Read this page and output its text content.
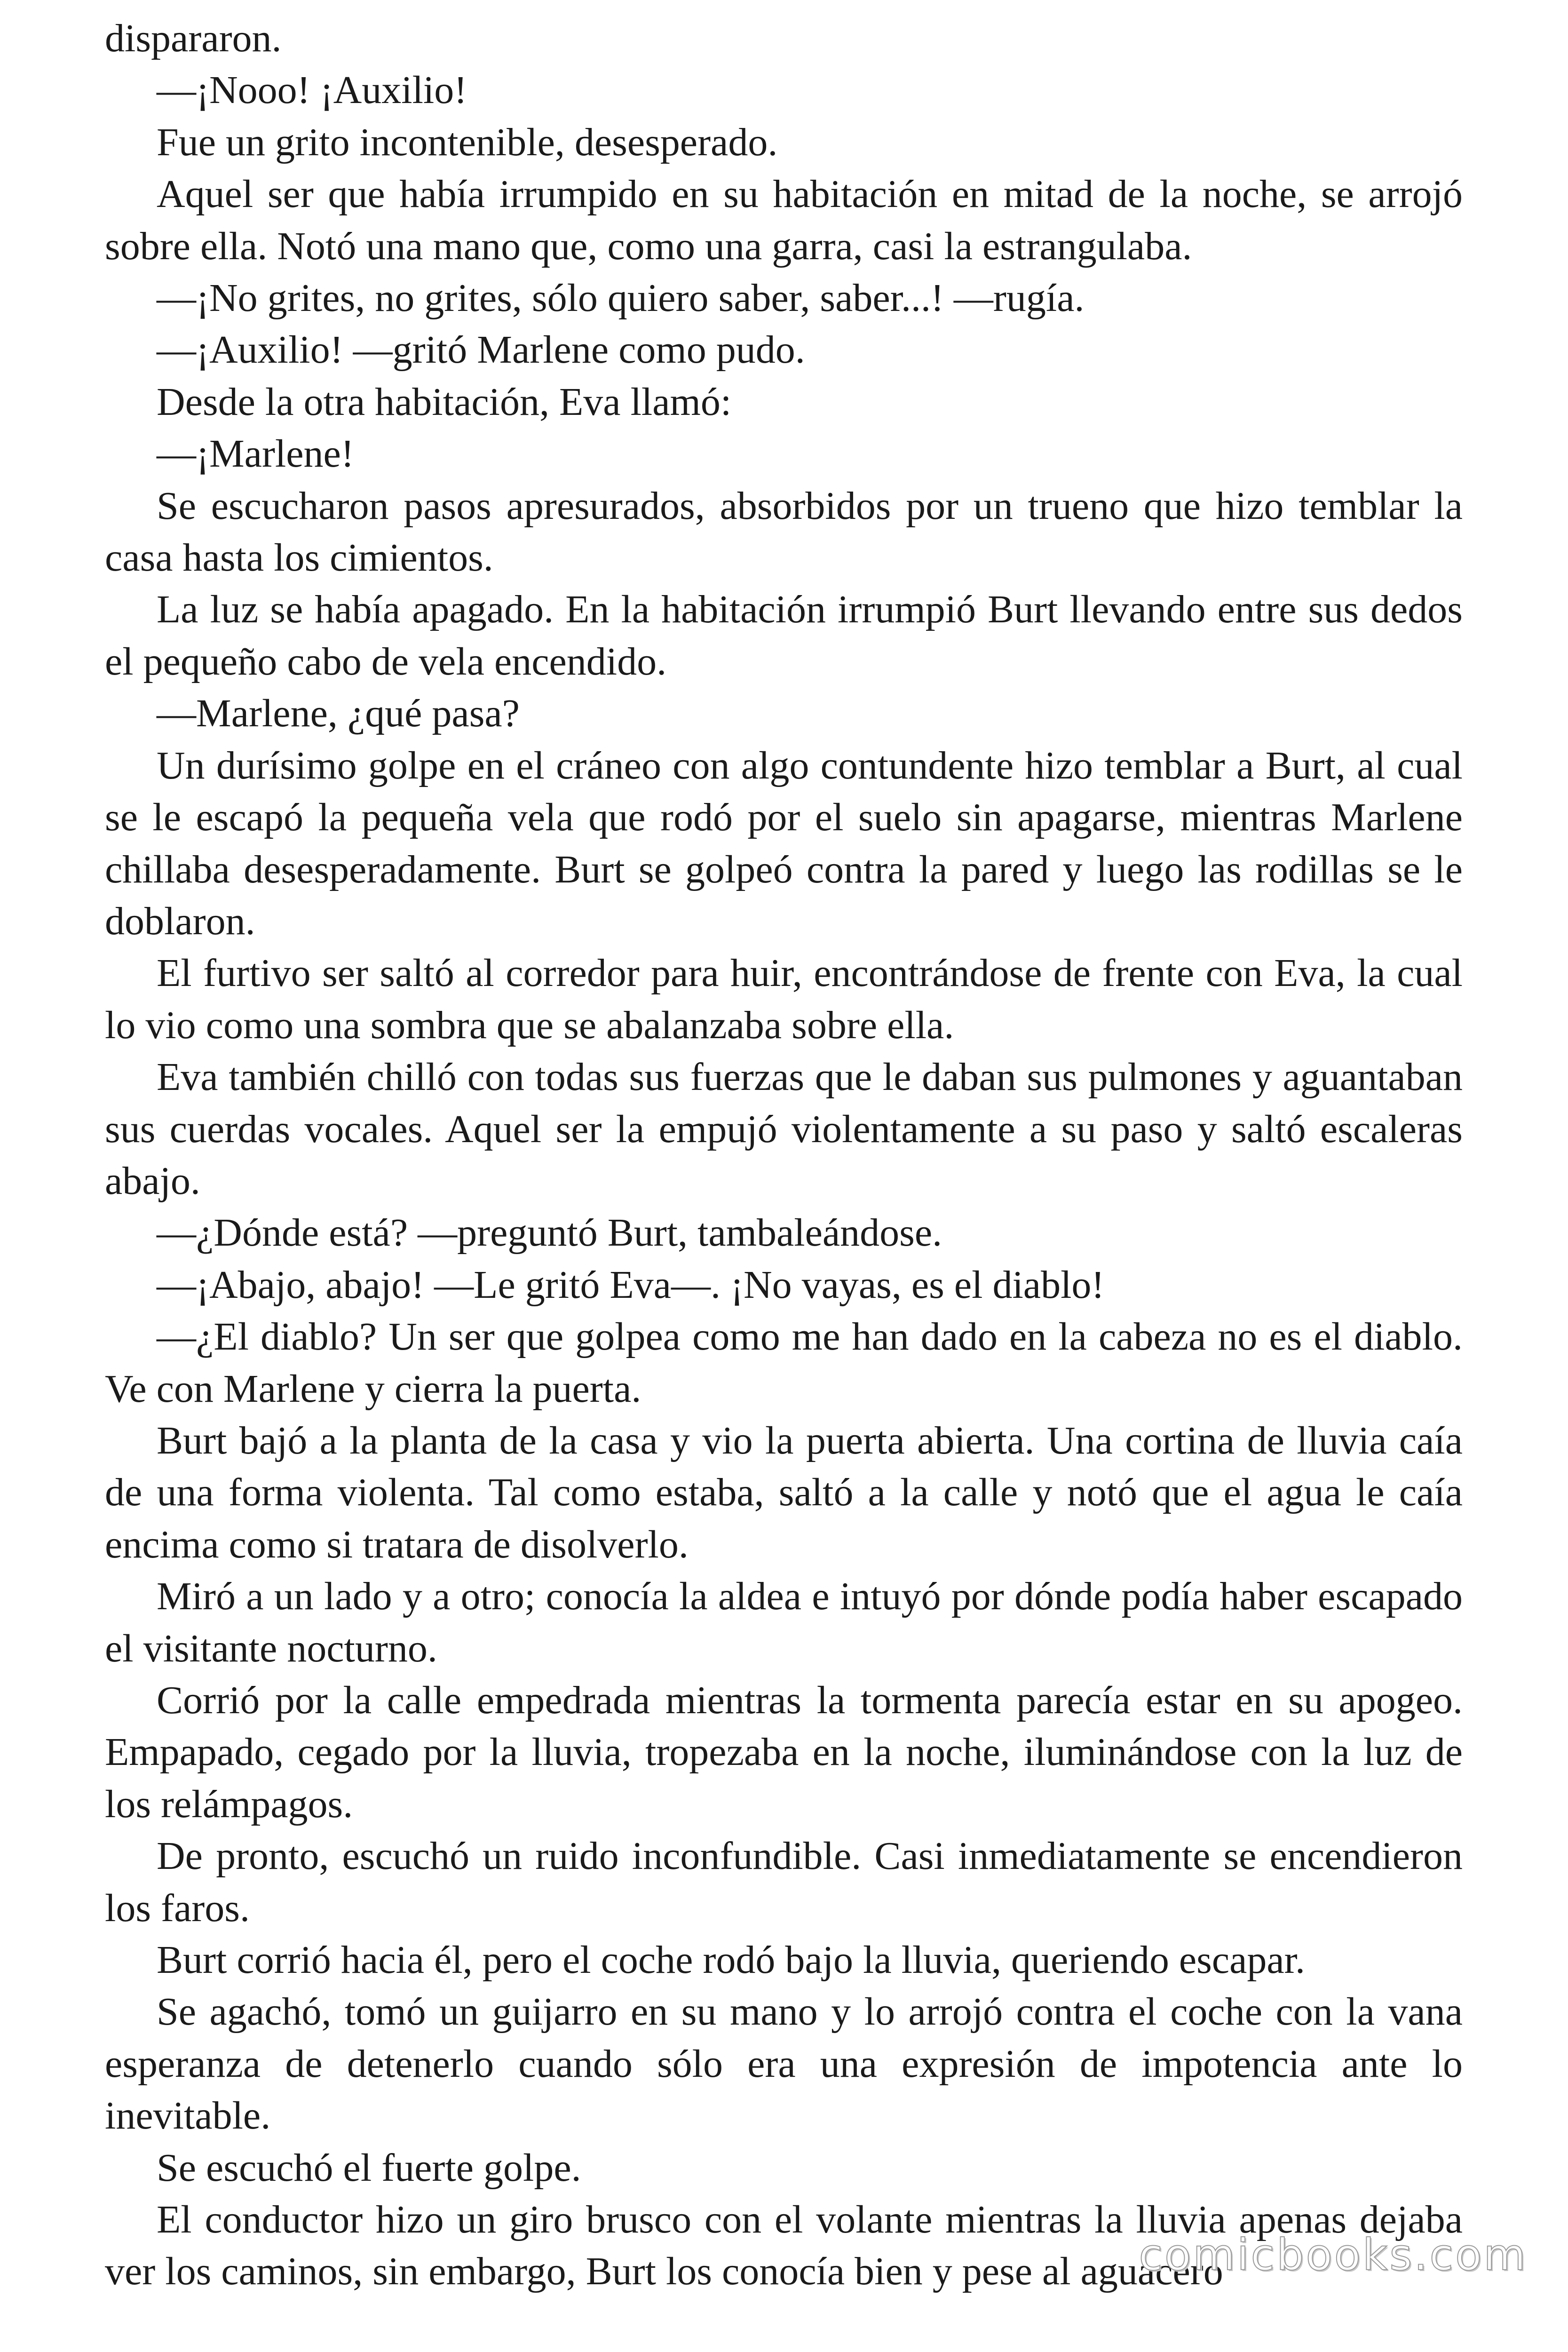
dispararon.

—¡Nooo! ¡Auxilio!

Fue un grito incontenible, desesperado.

Aquel ser que había irrumpido en su habitación en mitad de la noche, se arrojó sobre ella. Notó una mano que, como una garra, casi la estrangulaba.

—¡No grites, no grites, sólo quiero saber, saber...! —rugía.

—¡Auxilio! —gritó Marlene como pudo.

Desde la otra habitación, Eva llamó:

—¡Marlene!

Se escucharon pasos apresurados, absorbidos por un trueno que hizo temblar la casa hasta los cimientos.

La luz se había apagado. En la habitación irrumpió Burt llevando entre sus dedos el pequeño cabo de vela encendido.

—Marlene, ¿qué pasa?

Un durísimo golpe en el cráneo con algo contundente hizo temblar a Burt, al cual se le escapó la pequeña vela que rodó por el suelo sin apagarse, mientras Marlene chillaba desesperadamente. Burt se golpeó contra la pared y luego las rodillas se le doblaron.

El furtivo ser saltó al corredor para huir, encontrándose de frente con Eva, la cual lo vio como una sombra que se abalanzaba sobre ella.

Eva también chilló con todas sus fuerzas que le daban sus pulmones y aguantaban sus cuerdas vocales. Aquel ser la empujó violentamente a su paso y saltó escaleras abajo.

—¿Dónde está? —preguntó Burt, tambaleándose.

—¡Abajo, abajo! —Le gritó Eva—. ¡No vayas, es el diablo!

—¿El diablo? Un ser que golpea como me han dado en la cabeza no es el diablo. Ve con Marlene y cierra la puerta.

Burt bajó a la planta de la casa y vio la puerta abierta. Una cortina de lluvia caía de una forma violenta. Tal como estaba, saltó a la calle y notó que el agua le caía encima como si tratara de disolverlo.

Miró a un lado y a otro; conocía la aldea e intuyó por dónde podía haber escapado el visitante nocturno.

Corrió por la calle empedrada mientras la tormenta parecía estar en su apogeo. Empapado, cegado por la lluvia, tropezaba en la noche, iluminándose con la luz de los relámpagos.

De pronto, escuchó un ruido inconfundible. Casi inmediatamente se encendieron los faros.

Burt corrió hacia él, pero el coche rodó bajo la lluvia, queriendo escapar.

Se agachó, tomó un guijarro en su mano y lo arrojó contra el coche con la vana esperanza de detenerlo cuando sólo era una expresión de impotencia ante lo inevitable.

Se escuchó el fuerte golpe.

El conductor hizo un giro brusco con el volante mientras la lluvia apenas dejaba ver los caminos, sin embargo, Burt los conocía bien y pese al aguacero

comicbooks.com
